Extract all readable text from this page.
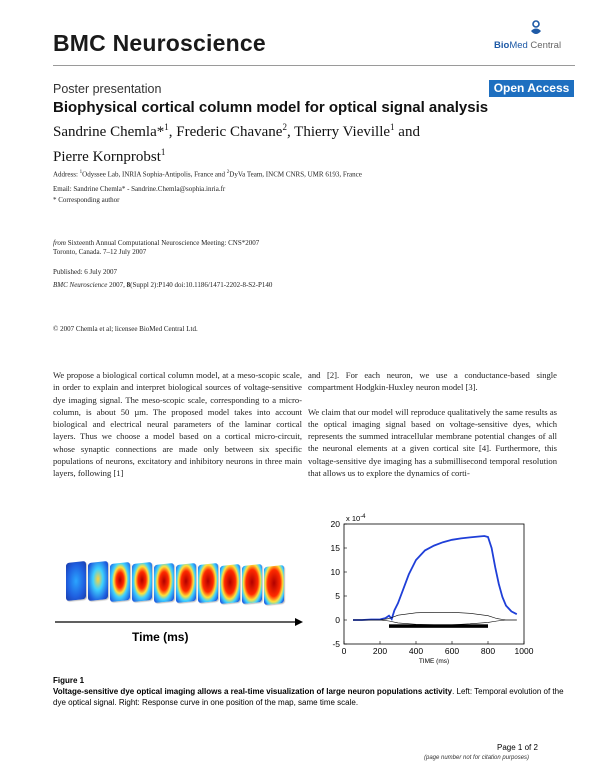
BMC Neuroscience	BioMed Central
Poster presentation	Open Access
Biophysical cortical column model for optical signal analysis
Sandrine Chemla*$^1$, Frederic Chavane$^2$, Thierry Vieville$^1$ and
Pierre Kornprobst$^1$
Address: $^1$Odyssee Lab, INRIA Sophia-Antipolis, France and $^2$DyVa Team, INCM CNRS, UMR 6193, France
Email: Sandrine Chemla* - Sandrine.Chemla@sophia.inria.fr
* Corresponding author
from Sixteenth Annual Computational Neuroscience Meeting: CNS*2007
Toronto, Canada. 7–12 July 2007
Published: 6 July 2007
BMC Neuroscience 2007, 8(Suppl 2):P140 doi:10.1186/1471-2202-8-S2-P140
© 2007 Chemla et al; licensee BioMed Central Ltd.

We propose a biological cortical column model, at a meso-scopic scale, in order to explain and interpret biological sources of voltage-sensitive dye imaging signal. The meso-scopic scale, corresponding to a micro-column, is about 50 µm. The proposed model takes into account biological and electrical neural parameters of the laminar cortical layers. Thus we choose a model based on a cortical micro-circuit, whose synaptic connections are made only between six specific populations of neurons, excitatory and inhibitory neurons in three main layers, following [1]

and [2]. For each neuron, we use a conductance-based single compartment Hodgkin-Huxley neuron model [3].

We claim that our model will reproduce qualitatively the same results as the optical imaging signal based on voltage-sensitive dyes, which represents the summed intracellular membrane potential changes of all the neuronal elements at a given cortical site [4]. Furthermore, this voltage-sensitive dye imaging has a submillisecond temporal resolution that allows us to explore the dynamics of corti-

Time (ms)
0	200	400	600	800 1000
-5
0
5
10
15
20
x $10^{-4}$
TIME (ms)
Figure 1
Voltage-sensitive dye optical imaging allows a real-time visualization of large neuron populations activity. Left: Temporal evolution of the dye optical signal. Right: Response curve in one position of the map, same time scale.
Page 1 of 2
(page number not for citation purposes)
